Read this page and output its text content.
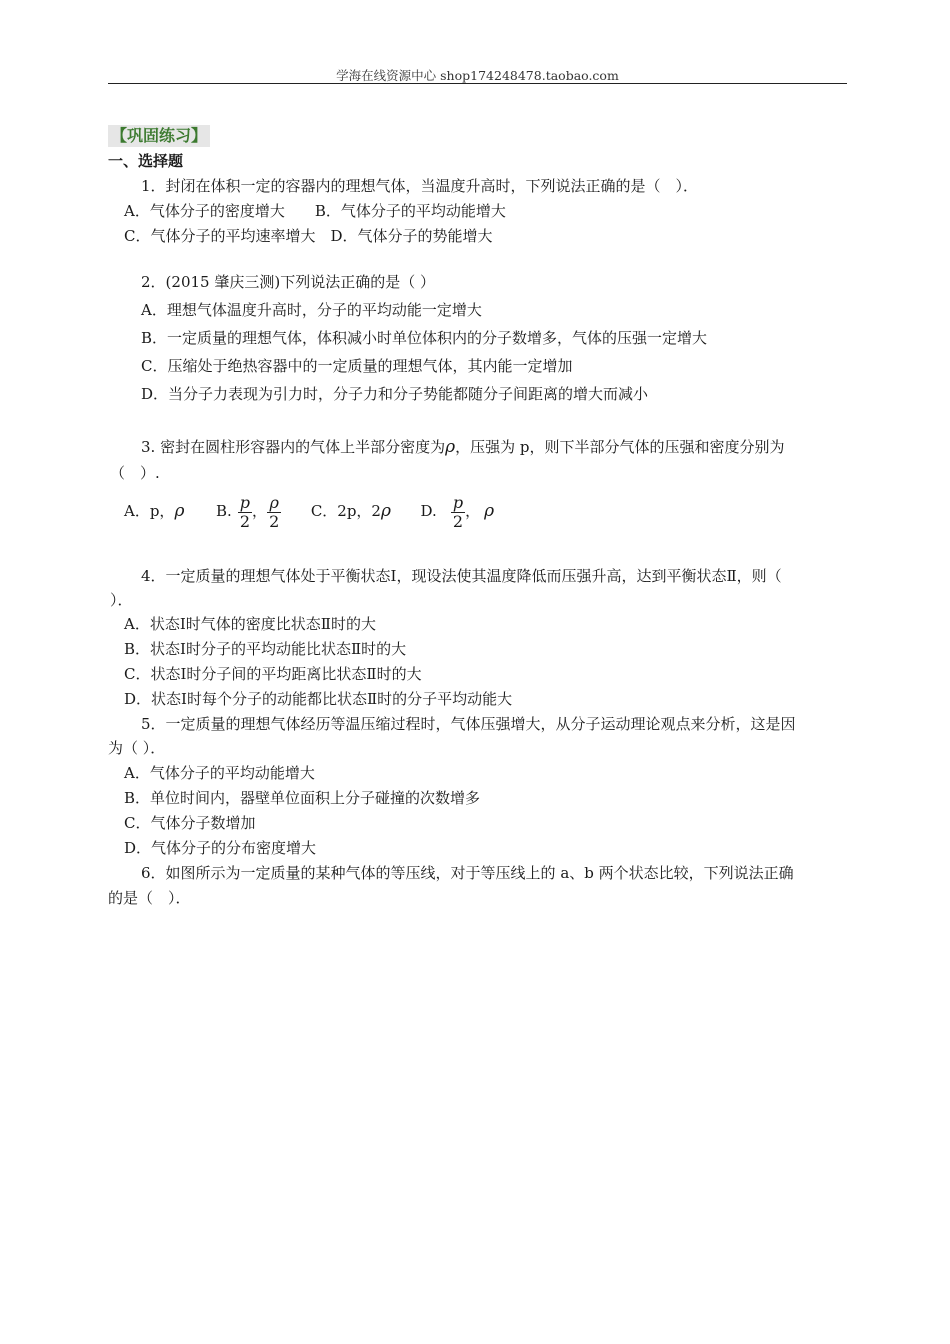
学海在线资源中心 shop174248478.taobao.com
【巩固练习】
一、选择题
1．封闭在体积一定的容器内的理想气体，当温度升高时，下列说法正确的是（　）．
A．气体分子的密度增大　　B．气体分子的平均动能增大
C．气体分子的平均速率增大　D．气体分子的势能增大
2．(2015 肇庆三测)下列说法正确的是（ ）
A．理想气体温度升高时，分子的平均动能一定增大
B．一定质量的理想气体，体积减小时单位体积内的分子数增多，气体的压强一定增大
C．压缩处于绝热容器中的一定质量的理想气体，其内能一定增加
D．当分子力表现为引力时，分子力和分子势能都随分子间距离的增大而减小
3. 密封在圆柱形容器内的气体上半部分密度为ρ，压强为 p，则下半部分气体的压强和密度分别为
（　）.
A．p，ρ B. $\frac{p}{2}$ ， $\frac{\rho}{2}$ C．2p，2ρ D. $\frac{p}{2}$ ， ρ
4．一定质量的理想气体处于平衡状态Ⅰ，现设法使其温度降低而压强升高，达到平衡状态Ⅱ，则（
）．
A．状态Ⅰ时气体的密度比状态Ⅱ时的大
B．状态Ⅰ时分子的平均动能比状态Ⅱ时的大
C．状态Ⅰ时分子间的平均距离比状态Ⅱ时的大
D．状态Ⅰ时每个分子的动能都比状态Ⅱ时的分子平均动能大
5．一定质量的理想气体经历等温压缩过程时，气体压强增大，从分子运动理论观点来分析，这是因
为（ ）．
A．气体分子的平均动能增大
B．单位时间内，器壁单位面积上分子碰撞的次数增多
C．气体分子数增加
D．气体分子的分布密度增大
6．如图所示为一定质量的某种气体的等压线，对于等压线上的 a、b 两个状态比较，下列说法正确
的是（　）．
